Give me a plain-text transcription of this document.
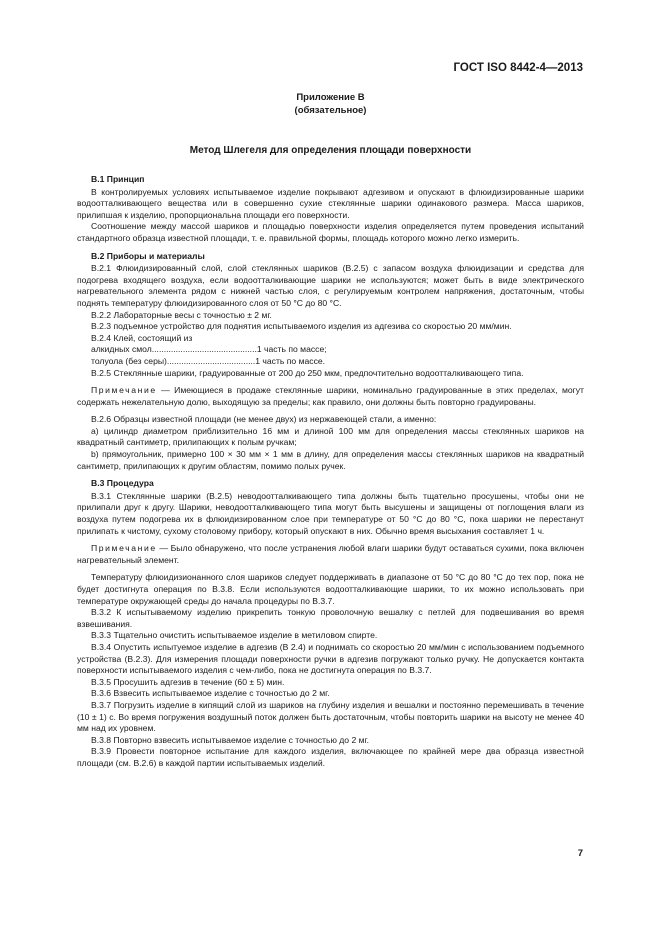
ГОСТ ISO 8442-4—2013
Приложение В
(обязательное)
Метод Шлегеля для определения площади поверхности

В.1 Принцип

В контролируемых условиях испытываемое изделие покрывают адгезивом и опускают в флюидизированные шарики водоотталкивающего вещества или в совершенно сухие стеклянные шарики одинакового размера. Масса шариков, прилипшая к изделию, пропорциональна площади его поверхности.

Соотношение между массой шариков и площадью поверхности изделия определяется путем проведения испытаний стандартного образца известной площади, т. е. правильной формы, площадь которого можно легко измерить.

В.2 Приборы и материалы

В.2.1 Флюидизированный слой, слой стеклянных шариков (В.2.5) с запасом воздуха флюидизации и средства для подогрева входящего воздуха, если водоотталкивающие шарики не используются; может быть в виде электрического нагревательного элемента рядом с нижней частью слоя, с регулируемым контролем напряжения, достаточным, чтобы поднять температуру флюидизированного слоя от 50 °С до 80 °С.

В.2.2 Лабораторные весы с точностью ± 2 мг.

В.2.3 подъемное устройство для поднятия испытываемого изделия из адгезива со скоростью 20 мм/мин.

В.2.4 Клей, состоящий из

алкидных смол............................................1 часть по массе;

толуола (без серы).....................................1 часть по массе.

В.2.5 Стеклянные шарики, градуированные от 200 до 250 мкм, предпочтительно водоотталкивающего типа.

Примечание — Имеющиеся в продаже стеклянные шарики, номинально градуированные в этих пределах, могут содержать нежелательную долю, выходящую за пределы; как правило, они должны быть повторно градуированы.

В.2.6 Образцы известной площади (не менее двух) из нержавеющей стали, а именно:

a) цилиндр диаметром приблизительно 16 мм и длиной 100 мм для определения массы стеклянных шариков на квадратный сантиметр, прилипающих к полым ручкам;

b) прямоугольник, примерно 100 × 30 мм × 1 мм в длину, для определения массы стеклянных шариков на квадратный сантиметр, прилипающих к другим областям, помимо полых ручек.

В.3 Процедура

В.3.1 Стеклянные шарики (В.2.5) неводоотталкивающего типа должны быть тщательно просушены, чтобы они не прилипали друг к другу. Шарики, неводоотталкивающего типа могут быть высушены и защищены от поглощения влаги из воздуха путем подогрева их в флюидизированном слое при температуре от 50 °С до 80 °С, пока шарики не перестанут прилипать к чистому, сухому столовому прибору, который опускают в них. Обычно время высыхания составляет 1 ч.

Примечание — Было обнаружено, что после устранения любой влаги шарики будут оставаться сухими, пока включен нагревательный элемент.

Температуру флюидизионанного слоя шариков следует поддерживать в диапазоне от 50 °С до 80 °С до тех пор, пока не будет достигнута операция по В.3.8. Если используются водоотталкивающие шарики, то их можно использовать при температуре окружающей среды до начала процедуры по В.3.7.

В.3.2 К испытываемому изделию прикрепить тонкую проволочную вешалку с петлей для подвешивания во время взвешивания.

В.3.3 Тщательно очистить испытываемое изделие в метиловом спирте.

В.3.4 Опустить испытуемое изделие в адгезив (В 2.4) и поднимать со скоростью 20 мм/мин с использованием подъемного устройства (В.2.3). Для измерения площади поверхности ручки в адгезив погружают только ручку. Не допускается контакта поверхности испытываемого изделия с чем-либо, пока не достигнута операция по В.3.7.

В.3.5 Просушить адгезив в течение (60 ± 5) мин.

В.3.6 Взвесить испытываемое изделие с точностью до 2 мг.

В.3.7 Погрузить изделие в кипящий слой из шариков на глубину изделия и вешалки и постоянно перемешивать в течение (10 ± 1) с. Во время погружения воздушный поток должен быть достаточным, чтобы повторить шарики на высоту не менее 40 мм над их уровнем.

В.3.8 Повторно взвесить испытываемое изделие с точностью до 2 мг.

В.3.9 Провести повторное испытание для каждого изделия, включающее по крайней мере два образца известной площади (см. В.2.6) в каждой партии испытываемых изделий.

7
